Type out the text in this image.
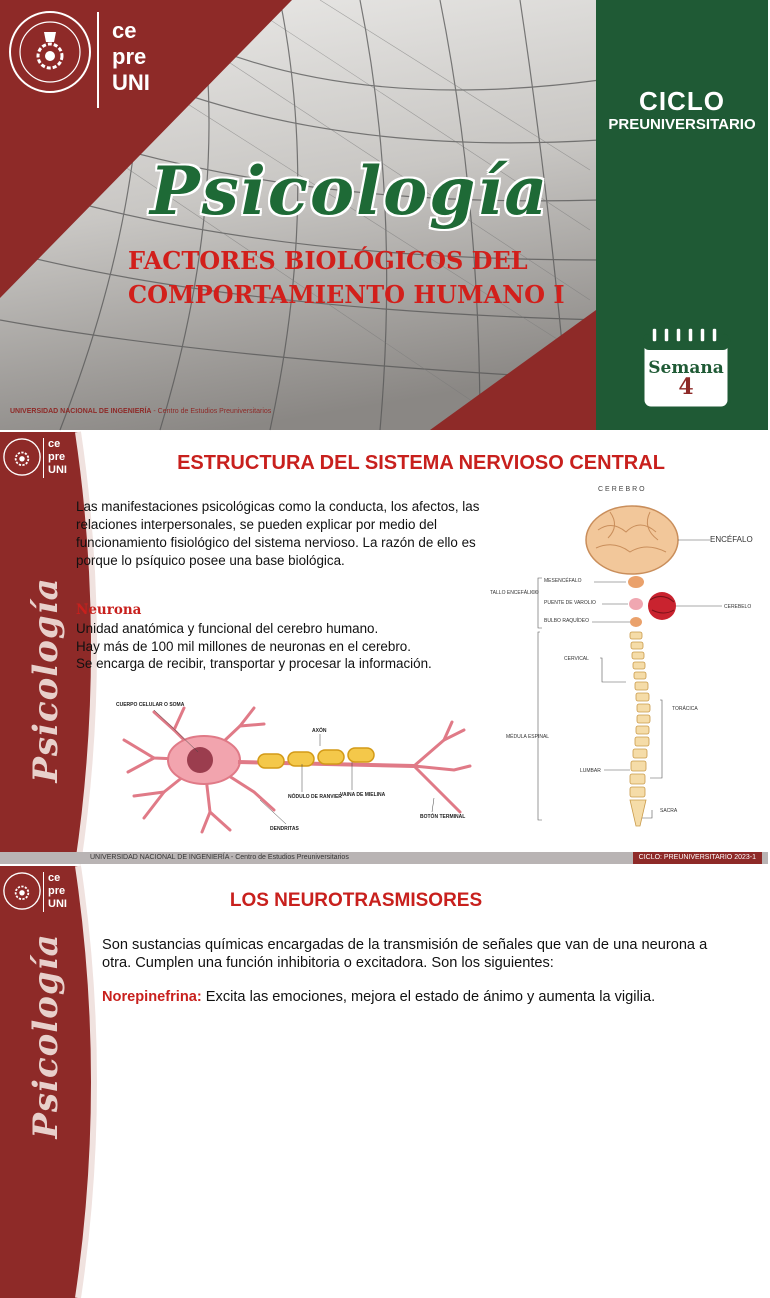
ce
pre
UNI
CICLO
PREUNIVERSITARIO
Semana
4
Psicología
FACTORES BIOLÓGICOS DEL
COMPORTAMIENTO HUMANO I
UNIVERSIDAD NACIONAL DE INGENIERÍA - Centro de Estudios Preuniversitarios
ce
pre
UNI
Psicología
ESTRUCTURA DEL SISTEMA NERVIOSO CENTRAL
Las manifestaciones psicológicas como la conducta, los afectos, las relaciones interpersonales, se pueden explicar por medio del funcionamiento fisiológico del sistema nervioso. La razón de ello es porque lo psíquico posee una base biológica.
Neurona
Unidad anatómica y funcional del cerebro humano.
Hay más de 100 mil millones de neuronas en el cerebro.
Se encarga de recibir, transportar y procesar la información.
CUERPO CELULAR O SOMA
AXÓN
NÓDULO DE RANVIER
VAINA DE MIELINA
BOTÓN TERMINAL
DENDRITAS
CEREBRO
ENCÉFALO
MESENCÉFALO
PUENTE DE VAROLIO
BULBO RAQUÍDEO
TALLO ENCEFÁLICO
CEREBELO
CERVICAL
TORÁCICA
MÉDULA ESPINAL
LUMBAR
SACRA
UNIVERSIDAD NACIONAL DE INGENIERÍA - Centro de Estudios Preuniversitarios	CICLO: PREUNIVERSITARIO 2023-1
ce
pre
UNI
Psicología
LOS NEUROTRASMISORES
Son sustancias químicas encargadas de la transmisión de señales que van de una neurona a otra. Cumplen una función inhibitoria o excitadora. Son los siguientes:
Norepinefrina: Excita las emociones, mejora el estado de ánimo y aumenta la vigilia.
